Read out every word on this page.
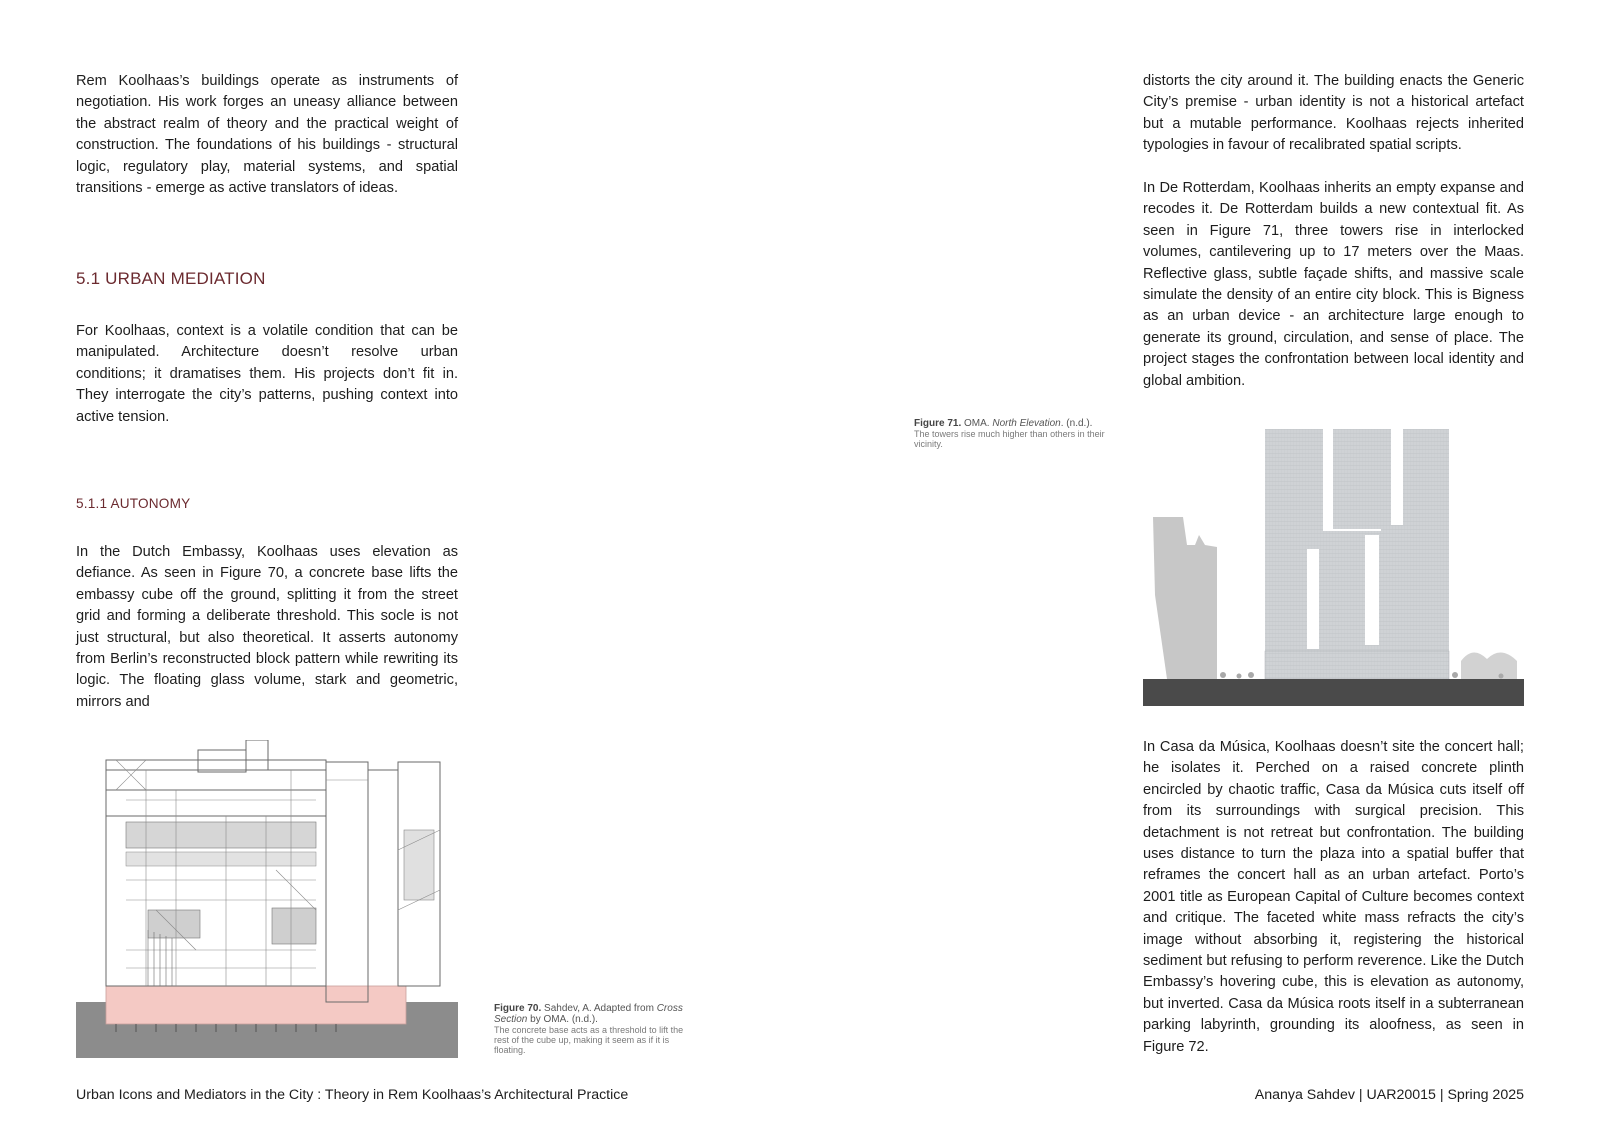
Rem Koolhaas’s buildings operate as instruments of negotiation. His work forges an uneasy alliance between the abstract realm of theory and the practical weight of construction. The foundations of his buildings - structural logic, regulatory play, material systems, and spatial transitions - emerge as active translators of ideas.

5.1 URBAN MEDIATION

For Koolhaas, context is a volatile condition that can be manipulated. Architecture doesn’t resolve urban conditions; it dramatises them. His projects don’t fit in. They interrogate the city’s patterns, pushing context into active tension.

5.1.1 AUTONOMY

In the Dutch Embassy, Koolhaas uses elevation as defiance. As seen in Figure 70, a concrete base lifts the embassy cube off the ground, splitting it from the street grid and forming a deliberate threshold. This socle is not just structural, but also theoretical. It asserts autonomy from Berlin’s reconstructed block pattern while rewriting its logic. The floating glass volume, stark and geometric, mirrors and

Figure 70. Sahdev, A. Adapted from Cross Section by OMA. (n.d.).
The concrete base acts as a threshold to lift the rest of the cube up, making it seem as if it is floating.
Figure 71. OMA. North Elevation. (n.d.).
The towers rise much higher than others in their vicinity.

distorts the city around it. The building enacts the Generic City’s premise - urban identity is not a historical artefact but a mutable performance. Koolhaas rejects inherited typologies in favour of recalibrated spatial scripts.

In De Rotterdam, Koolhaas inherits an empty expanse and recodes it. De Rotterdam builds a new contextual fit. As seen in Figure 71, three towers rise in interlocked volumes, cantilevering up to 17 meters over the Maas. Reflective glass, subtle façade shifts, and massive scale simulate the density of an entire city block. This is Bigness as an urban device - an architecture large enough to generate its ground, circulation, and sense of place. The project stages the confrontation between local identity and global ambition.

In Casa da Música, Koolhaas doesn’t site the concert hall; he isolates it. Perched on a raised concrete plinth encircled by chaotic traffic, Casa da Música cuts itself off from its surroundings with surgical precision. This detachment is not retreat but confrontation. The building uses distance to turn the plaza into a spatial buffer that reframes the concert hall as an urban artefact. Porto’s 2001 title as European Capital of Culture becomes context and critique. The faceted white mass refracts the city’s image without absorbing it, registering the historical sediment but refusing to perform reverence. Like the Dutch Embassy’s hovering cube, this is elevation as autonomy, but inverted. Casa da Música roots itself in a subterranean parking labyrinth, grounding its aloofness, as seen in Figure 72.

Urban Icons and Mediators in the City : Theory in Rem Koolhaas’s Architectural Practice	Ananya Sahdev | UAR20015 | Spring 2025
